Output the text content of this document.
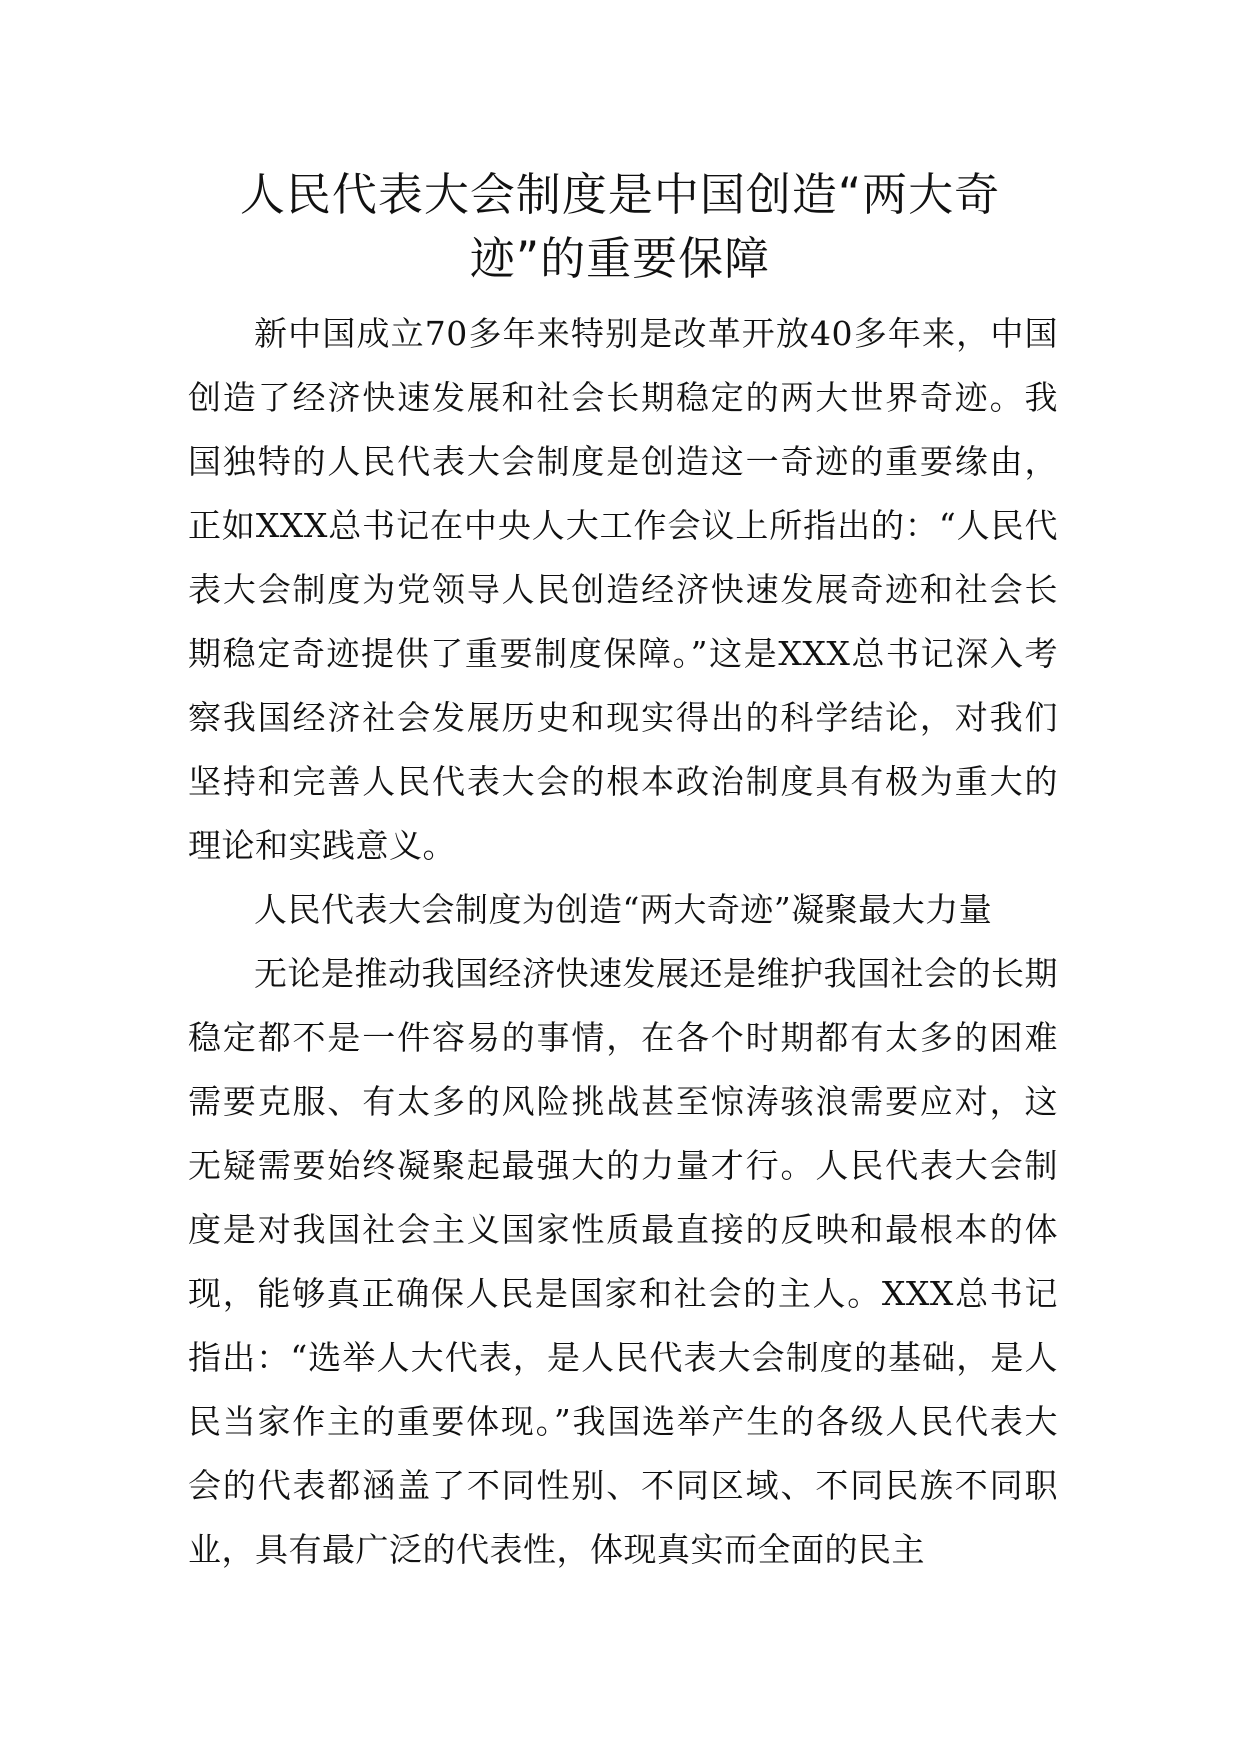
人民代表大会制度是中国创造“两大奇
迹”的重要保障

新中国成立70多年来特别是改革开放40多年来，中国创造了经济快速发展和社会长期稳定的两大世界奇迹。我国独特的人民代表大会制度是创造这一奇迹的重要缘由，正如XXX总书记在中央人大工作会议上所指出的：“人民代表大会制度为党领导人民创造经济快速发展奇迹和社会长期稳定奇迹提供了重要制度保障。”这是XXX总书记深入考察我国经济社会发展历史和现实得出的科学结论，对我们坚持和完善人民代表大会的根本政治制度具有极为重大的理论和实践意义。

人民代表大会制度为创造“两大奇迹”凝聚最大力量

无论是推动我国经济快速发展还是维护我国社会的长期稳定都不是一件容易的事情，在各个时期都有太多的困难需要克服、有太多的风险挑战甚至惊涛骇浪需要应对，这无疑需要始终凝聚起最强大的力量才行。人民代表大会制度是对我国社会主义国家性质最直接的反映和最根本的体现，能够真正确保人民是国家和社会的主人。XXX总书记指出：“选举人大代表，是人民代表大会制度的基础，是人民当家作主的重要体现。”我国选举产生的各级人民代表大会的代表都涵盖了不同性别、不同区域、不同民族不同职业，具有最广泛的代表性，体现真实而全面的民主
